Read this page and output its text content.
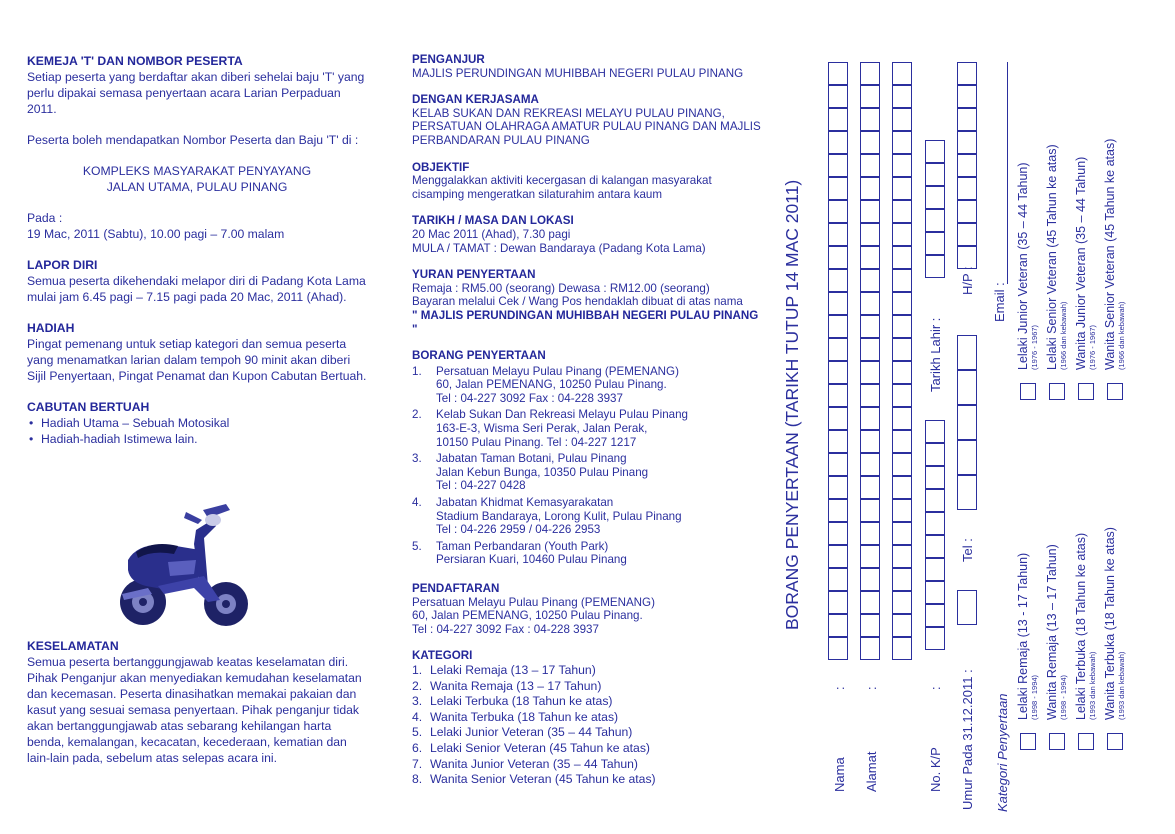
KEMEJA 'T' DAN NOMBOR PESERTA

Setiap peserta yang berdaftar akan diberi sehelai baju 'T' yang perlu dipakai semasa penyertaan acara Larian Perpaduan 2011.

Peserta boleh mendapatkan Nombor Peserta dan Baju 'T' di :

KOMPLEKS MASYARAKAT PENYAYANG

JALAN UTAMA, PULAU PINANG

Pada :

19 Mac, 2011 (Sabtu), 10.00 pagi – 7.00 malam

LAPOR DIRI

Semua peserta dikehendaki melapor diri di Padang Kota Lama mulai jam 6.45 pagi – 7.15 pagi pada 20 Mac, 2011 (Ahad).

HADIAH

Pingat pemenang untuk setiap kategori dan semua peserta yang menamatkan larian dalam tempoh 90 minit akan diberi Sijil Penyertaan, Pingat Penamat dan Kupon Cabutan Bertuah.

CABUTAN BERTUAH

• Hadiah Utama – Sebuah Motosikal
• Hadiah-hadiah Istimewa lain.

KESELAMATAN

Semua peserta bertanggungjawab keatas keselamatan diri. Pihak Penganjur akan menyediakan kemudahan keselamatan dan kecemasan. Peserta dinasihatkan memakai pakaian dan kasut yang sesuai semasa penyertaan. Pihak penganjur tidak akan bertanggungjawab atas sebarang kehilangan harta benda, kemalangan, kecacatan, kecederaan, kematian dan lain-lain pada, sebelum atas selepas acara ini.

PENGANJUR

MAJLIS PERUNDINGAN MUHIBBAH NEGERI PULAU PINANG

DENGAN KERJASAMA

KELAB SUKAN DAN REKREASI MELAYU PULAU PINANG, PERSATUAN OLAHRAGA AMATUR PULAU PINANG DAN MAJLIS PERBANDARAN PULAU PINANG

OBJEKTIF

Menggalakkan aktiviti kecergasan di kalangan masyarakat cisamping mengeratkan silaturahim antara kaum

TARIKH / MASA DAN LOKASI

20 Mac 2011 (Ahad), 7.30 pagi

MULA / TAMAT : Dewan Bandaraya (Padang Kota Lama)

YURAN PENYERTAAN

Remaja : RM5.00 (seorang) Dewasa : RM12.00 (seorang)

Bayaran melalui Cek / Wang Pos hendaklah dibuat di atas nama

" MAJLIS PERUNDINGAN MUHIBBAH NEGERI PULAU PINANG "

BORANG PENYERTAAN

1.	Persatuan Melayu Pulau Pinang (PEMENANG)
60, Jalan PEMENANG, 10250 Pulau Pinang.
Tel : 04-227 3092 Fax : 04-228 3937
2.	Kelab Sukan Dan Rekreasi Melayu Pulau Pinang
163-E-3, Wisma Seri Perak, Jalan Perak,
10150 Pulau Pinang. Tel : 04-227 1217
3.	Jabatan Taman Botani, Pulau Pinang
Jalan Kebun Bunga, 10350 Pulau Pinang
Tel : 04-227 0428
4.	Jabatan Khidmat Kemasyarakatan
Stadium Bandaraya, Lorong Kulit, Pulau Pinang
Tel : 04-226 2959 / 04-226 2953
5.	Taman Perbandaran (Youth Park)
Persiaran Kuari, 10460 Pulau Pinang

PENDAFTARAN

Persatuan Melayu Pulau Pinang (PEMENANG)

60, Jalan PEMENANG, 10250 Pulau Pinang.

Tel : 04-227 3092 Fax : 04-228 3937

KATEGORI

1. Lelaki Remaja (13 – 17 Tahun)
2. Wanita Remaja (13 – 17 Tahun)
3. Lelaki Terbuka (18 Tahun ke atas)
4. Wanita Terbuka (18 Tahun ke atas)
5. Lelaki Junior Veteran (35 – 44 Tahun)
6. Lelaki Senior Veteran (45 Tahun ke atas)
7. Wanita Junior Veteran (35 – 44 Tahun)
8. Wanita Senior Veteran (45 Tahun ke atas)
BORANG PENYERTAAN (TARIKH TUTUP 14 MAC 2011)
Nama
:
Alamat
:
No. K/P
:
Tarikh Lahir :
Umur Pada 31.12.2011 :
Tel :
H/P :
Email :
Kategori Penyertaan
Lelaki Remaja (13 - 17 Tahun) (1998 - 1994) Wanita Remaja (13 – 17 Tahun) (1998 - 1994) Lelaki Terbuka (18 Tahun ke atas) (1993 dan kebawah) Wanita Terbuka (18 Tahun ke atas) (1993 dan kebawah)
Lelaki Junior Veteran (35 – 44 Tahun) (1976 - 1967) Lelaki Senior Veteran (45 Tahun ke atas) (1966 dan kebawah) Wanita Junior Veteran (35 – 44 Tahun) (1976 - 1967) Wanita Senior Veteran (45 Tahun ke atas) (1966 dan kebawah)
